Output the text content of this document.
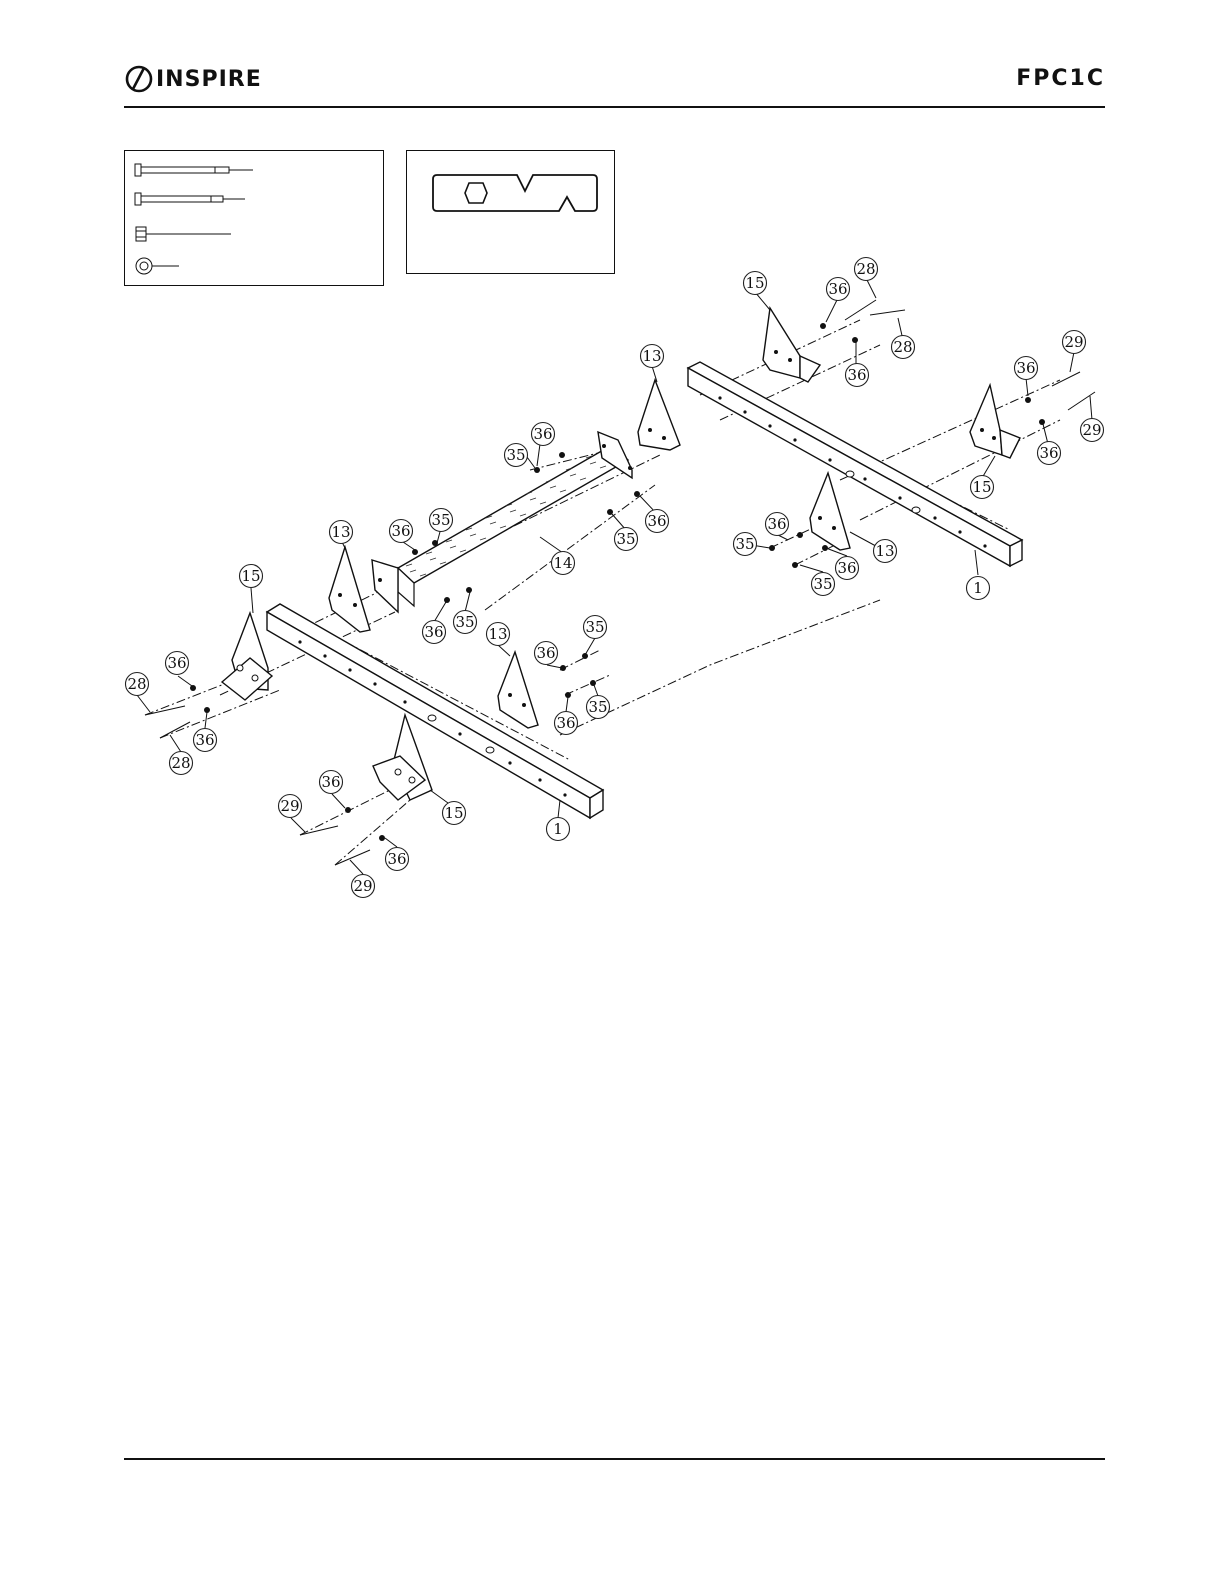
INSPIRE	FPC1C
15
28
36
28
36
29
36
29
36
15
13
36
35
35
36
14
13	36
35
36
35
15
13
36
35
36
35
36
28
36
28
36
29	15
36
29
1
36
35	13
36
35	1
